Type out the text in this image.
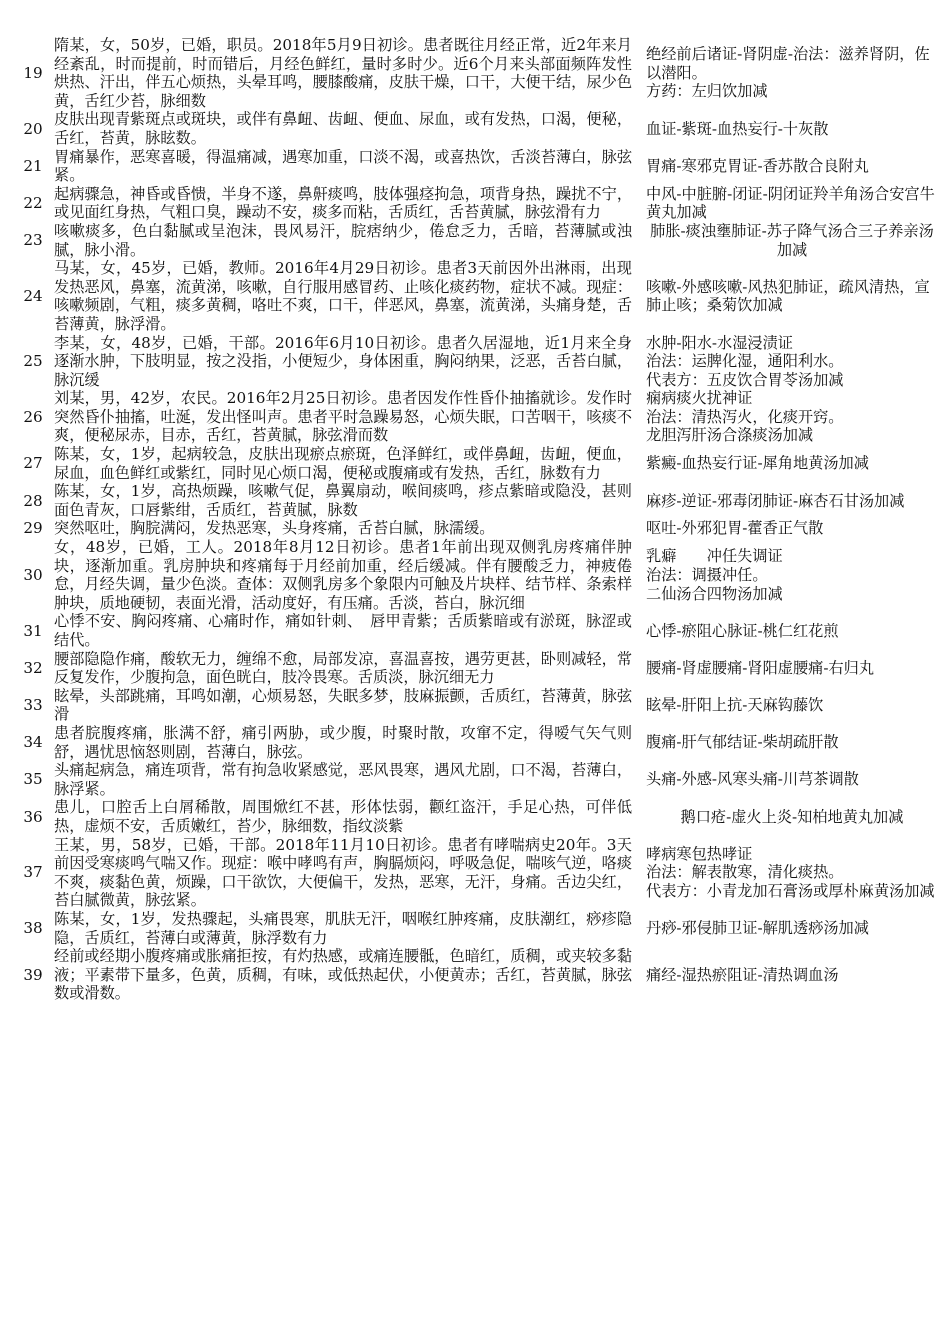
19	隋某，女，50岁，已婚，职员。2018年5月9日初诊。患者既往月经正常，近2年来月经紊乱，时而提前，时而错后，月经色鲜红，量时多时少。近6个月来头部面频阵发性烘热、汗出，伴五心烦热，头晕耳鸣，腰膝酸痛，皮肤干燥，口干，大便干结，尿少色黄，舌红少苔，脉细数	绝经前后诸证-肾阴虚-治法：滋养肾阴，佐以潜阳。
方药：左归饮加减

20	皮肤出现青紫斑点或斑块，或伴有鼻衄、齿衄、便血、尿血，或有发热，口渴，便秘，舌红，苔黄，脉眩数。	血证-紫斑-血热妄行-十灰散

21	胃痛暴作，恶寒喜暖，得温痛减，遇寒加重，口淡不渴，或喜热饮，舌淡苔薄白，脉弦紧。	胃痛-寒邪克胃证-香苏散合良附丸

22	起病骤急，神昏或昏愦，半身不遂，鼻鼾痰鸣，肢体强痉拘急，项背身热，躁扰不宁，或见面红身热，气粗口臭，躁动不安，痰多而粘，舌质红，舌苔黄腻，脉弦滑有力	中风-中脏腑-闭证-阴闭证羚羊角汤合安宫牛黄丸加减

23	咳嗽痰多，色白黏腻或呈泡沫，畏风易汗，脘痞纳少，倦怠乏力，舌暗，苔薄腻或浊腻，脉小滑。	肺胀-痰浊壅肺证-苏子降气汤合三子养亲汤加减

24	马某，女，45岁，已婚，教师。2016年4月29日初诊。患者3天前因外出淋雨，出现发热恶风，鼻塞，流黄涕，咳嗽，自行服用感冒药、止咳化痰药物，症状不减。现症：咳嗽频剧，气粗，痰多黄稠，咯吐不爽，口干，伴恶风，鼻塞，流黄涕，头痛身楚，舌苔薄黄，脉浮滑。	咳嗽-外感咳嗽-风热犯肺证，疏风清热，宣肺止咳；桑菊饮加减

25	李某，女，48岁，已婚，干部。2016年6月10日初诊。患者久居湿地，近1月来全身逐渐水肿，下肢明显，按之没指，小便短少，身体困重，胸闷纳果，泛恶，舌苔白腻，脉沉缓	水肿-阳水-水湿浸渍证
治法：运脾化湿，通阳利水。
代表方：五皮饮合胃苓汤加减

26	刘某，男，42岁，农民。2016年2月25日初诊。患者因发作性昏仆抽搐就诊。发作时突然昏仆抽搐，吐涎，发出怪叫声。患者平时急躁易怒，心烦失眠，口苦咽干，咳痰不爽，便秘尿赤，目赤，舌红，苔黄腻，脉弦滑而数	痫病痰火扰神证
治法：清热泻火，化痰开窍。
龙胆泻肝汤合涤痰汤加减

27	陈某，女，1岁，起病较急，皮肤出现瘀点瘀斑，色泽鲜红，或伴鼻衄，齿衄，便血，尿血，血色鲜红或紫红，同时见心烦口渴，便秘或腹痛或有发热，舌红，脉数有力	紫癜-血热妄行证-犀角地黄汤加减

28	陈某，女，1岁，高热烦躁，咳嗽气促，鼻翼扇动，喉间痰鸣，疹点紫暗或隐没，甚则面色青灰，口唇紫绀，舌质红，苔黄腻，脉数	麻疹-逆证-邪毒闭肺证-麻杏石甘汤加减

29	突然呕吐，胸脘满闷，发热恶寒，头身疼痛，舌苔白腻，脉濡缓。	呕吐-外邪犯胃-藿香正气散

30	女，48岁，已婚，工人。2018年8月12日初诊。患者1年前出现双侧乳房疼痛伴肿块，逐渐加重。乳房肿块和疼痛每于月经前加重，经后缓减。伴有腰酸乏力，神疲倦怠，月经失调，量少色淡。查体：双侧乳房多个象限内可触及片块样、结节样、条索样肿块，质地硬韧，表面光滑，活动度好，有压痛。舌淡，苔白，脉沉细	乳癖　　冲任失调证
治法：调摄冲任。
二仙汤合四物汤加减

31	心悸不安、胸闷疼痛、心痛时作，痛如针刺、　唇甲青紫；舌质紫暗或有淤斑，脉涩或结代。	心悸-瘀阻心脉证-桃仁红花煎

32	腰部隐隐作痛，酸软无力，缠绵不愈，局部发凉，喜温喜按，遇劳更甚，卧则减轻，常反复发作，少腹拘急，面色晄白，肢冷畏寒。舌质淡，脉沉细无力	腰痛-肾虚腰痛-肾阳虚腰痛-右归丸

33	眩晕，头部跳痛，耳鸣如潮，心烦易怒，失眠多梦，肢麻振颤，舌质红，苔薄黄，脉弦滑	眩晕-肝阳上抗-天麻钩藤饮

34	患者脘腹疼痛，胀满不舒，痛引两胁，或少腹，时聚时散，攻窜不定，得嗳气矢气则舒，遇忧思恼怒则剧，苔薄白，脉弦。	腹痛-肝气郁结证-柴胡疏肝散

35	头痛起病急，痛连项背，常有拘急收紧感觉，恶风畏寒，遇风尤剧，口不渴，苔薄白，脉浮紧。	头痛-外感-风寒头痛-川芎茶调散

36	患儿，口腔舌上白屑稀散，周围焮红不甚，形体怯弱，颧红盗汗，手足心热，可伴低热，虚烦不安，舌质嫩红，苔少，脉细数，指纹淡紫	鹅口疮-虚火上炎-知柏地黄丸加减

37	王某，男，58岁，已婚，干部。2018年11月10日初诊。患者有哮喘病史20年。3天前因受寒痰鸣气喘又作。现症：喉中哮鸣有声，胸膈烦闷，呼吸急促，喘咳气逆，咯痰不爽，痰黏色黄，烦躁，口干欲饮，大便偏干，发热，恶寒，无汗，身痛。舌边尖红，苔白腻微黄，脉弦紧。	哮病寒包热哮证
治法：解表散寒，清化痰热。
代表方：小青龙加石膏汤或厚朴麻黄汤加减

38	陈某，女，1岁，发热骤起，头痛畏寒，肌肤无汗，咽喉红肿疼痛，皮肤潮红，痧疹隐隐，舌质红，苔薄白或薄黄，脉浮数有力	丹痧-邪侵肺卫证-解肌透痧汤加减

39	经前或经期小腹疼痛或胀痛拒按，有灼热感，或痛连腰骶，色暗红，质稠，或夹较多黏液；平素带下量多，色黄，质稠，有味，或低热起伏，小便黄赤；舌红，苔黄腻，脉弦数或滑数。	痛经-湿热瘀阻证-清热调血汤
